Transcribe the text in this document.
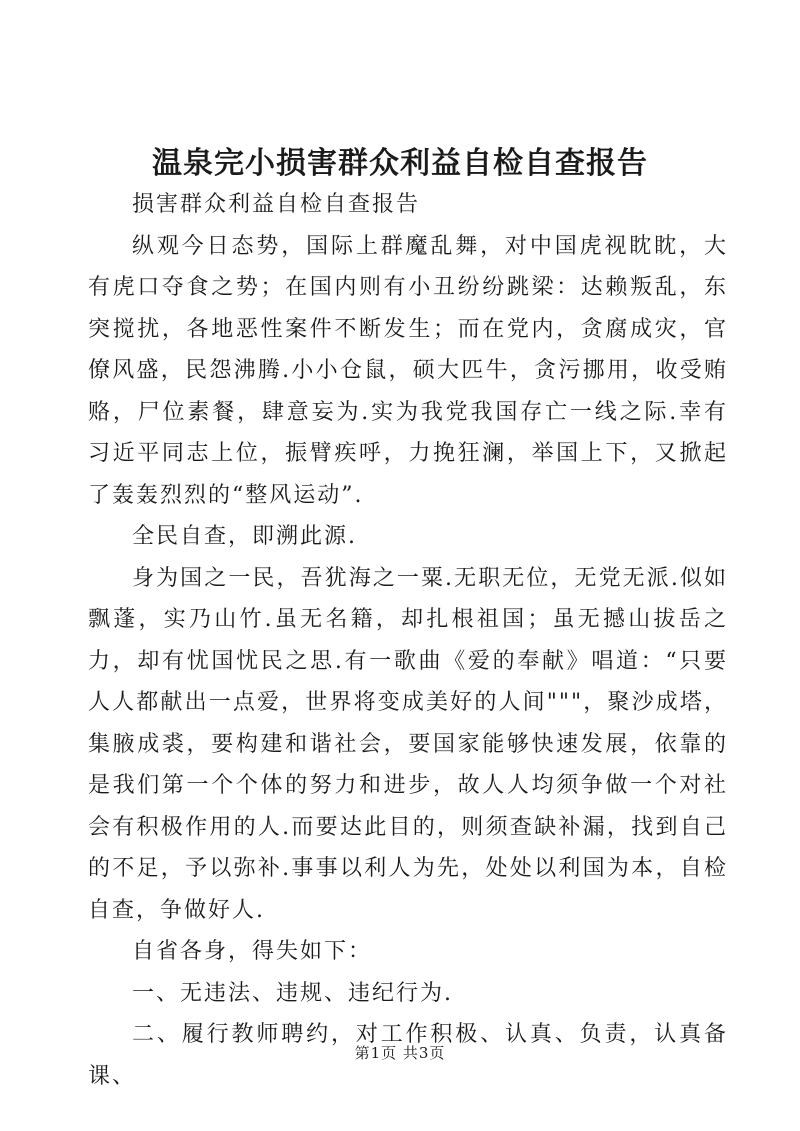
温泉完小损害群众利益自检自查报告

损害群众利益自检自查报告

纵观今日态势，国际上群魔乱舞，对中国虎视眈眈，大有虎口夺食之势；在国内则有小丑纷纷跳梁：达赖叛乱，东突搅扰，各地恶性案件不断发生；而在党内，贪腐成灾，官僚风盛，民怨沸腾.小小仓鼠，硕大匹牛，贪污挪用，收受贿赂，尸位素餐，肆意妄为.实为我党我国存亡一线之际.幸有习近平同志上位，振臂疾呼，力挽狂澜，举国上下，又掀起了轰轰烈烈的“整风运动”.

全民自查，即溯此源.

身为国之一民，吾犹海之一粟.无职无位，无党无派.似如飘蓬，实乃山竹.虽无名籍，却扎根祖国；虽无撼山拔岳之力，却有忧国忧民之思.有一歌曲《爱的奉献》唱道：“只要人人都献出一点爱，世界将变成美好的人间"""，聚沙成塔，集腋成裘，要构建和谐社会，要国家能够快速发展，依靠的是我们第一个个体的努力和进步，故人人均须争做一个对社会有积极作用的人.而要达此目的，则须查缺补漏，找到自己的不足，予以弥补.事事以利人为先，处处以利国为本，自检自查，争做好人.

自省各身，得失如下：

一、无违法、违规、违纪行为.

二、履行教师聘约，对工作积极、认真、负责，认真备课、

第1页 共3页
